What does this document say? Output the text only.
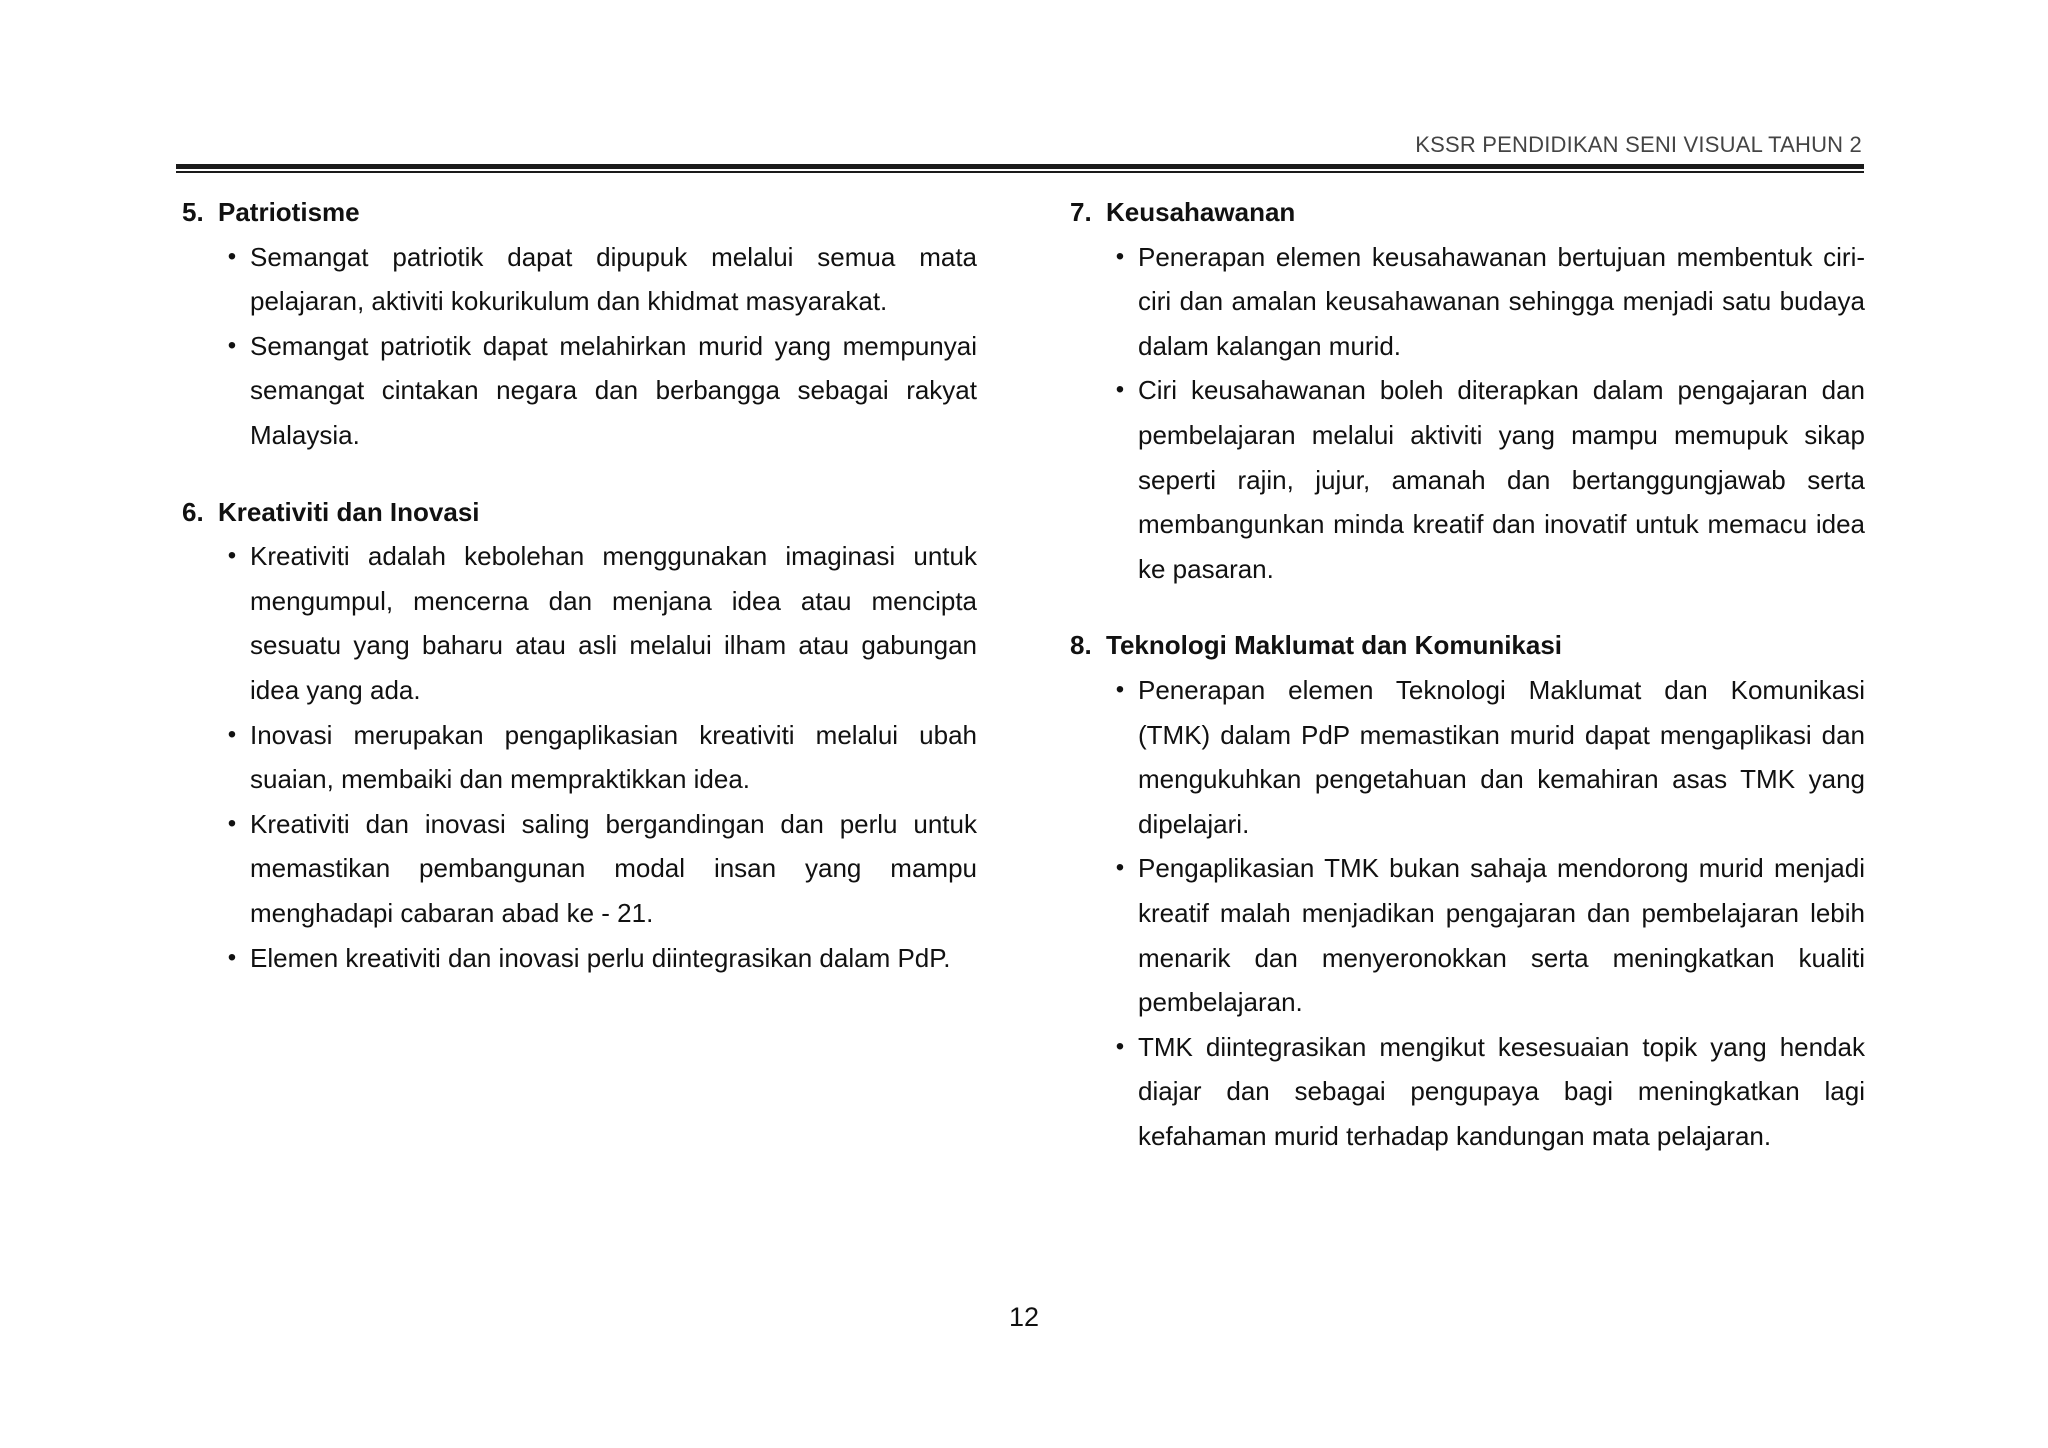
KSSR PENDIDIKAN SENI VISUAL TAHUN 2
5. Patriotisme
• Semangat patriotik dapat dipupuk melalui semua mata pelajaran, aktiviti kokurikulum dan khidmat masyarakat.
• Semangat patriotik dapat melahirkan murid yang mempunyai semangat cintakan negara dan berbangga sebagai rakyat Malaysia.
6. Kreativiti dan Inovasi
• Kreativiti adalah kebolehan menggunakan imaginasi untuk mengumpul, mencerna dan menjana idea atau mencipta sesuatu yang baharu atau asli melalui ilham atau gabungan idea yang ada.
• Inovasi merupakan pengaplikasian kreativiti melalui ubah suaian, membaiki dan mempraktikkan idea.
• Kreativiti dan inovasi saling bergandingan dan perlu untuk memastikan pembangunan modal insan yang mampu menghadapi cabaran abad ke - 21.
• Elemen kreativiti dan inovasi perlu diintegrasikan dalam PdP.
7. Keusahawanan
• Penerapan elemen keusahawanan bertujuan membentuk ciri-ciri dan amalan keusahawanan sehingga menjadi satu budaya dalam kalangan murid.
• Ciri keusahawanan boleh diterapkan dalam pengajaran dan pembelajaran melalui aktiviti yang mampu memupuk sikap seperti rajin, jujur, amanah dan bertanggungjawab serta membangunkan minda kreatif dan inovatif untuk memacu idea ke pasaran.
8. Teknologi Maklumat dan Komunikasi
• Penerapan elemen Teknologi Maklumat dan Komunikasi (TMK) dalam PdP memastikan murid dapat mengaplikasi dan mengukuhkan pengetahuan dan kemahiran asas TMK yang dipelajari.
• Pengaplikasian TMK bukan sahaja mendorong murid menjadi kreatif malah menjadikan pengajaran dan pembelajaran lebih menarik dan menyeronokkan serta meningkatkan kualiti pembelajaran.
• TMK diintegrasikan mengikut kesesuaian topik yang hendak diajar dan sebagai pengupaya bagi meningkatkan lagi kefahaman murid terhadap kandungan mata pelajaran.
12
